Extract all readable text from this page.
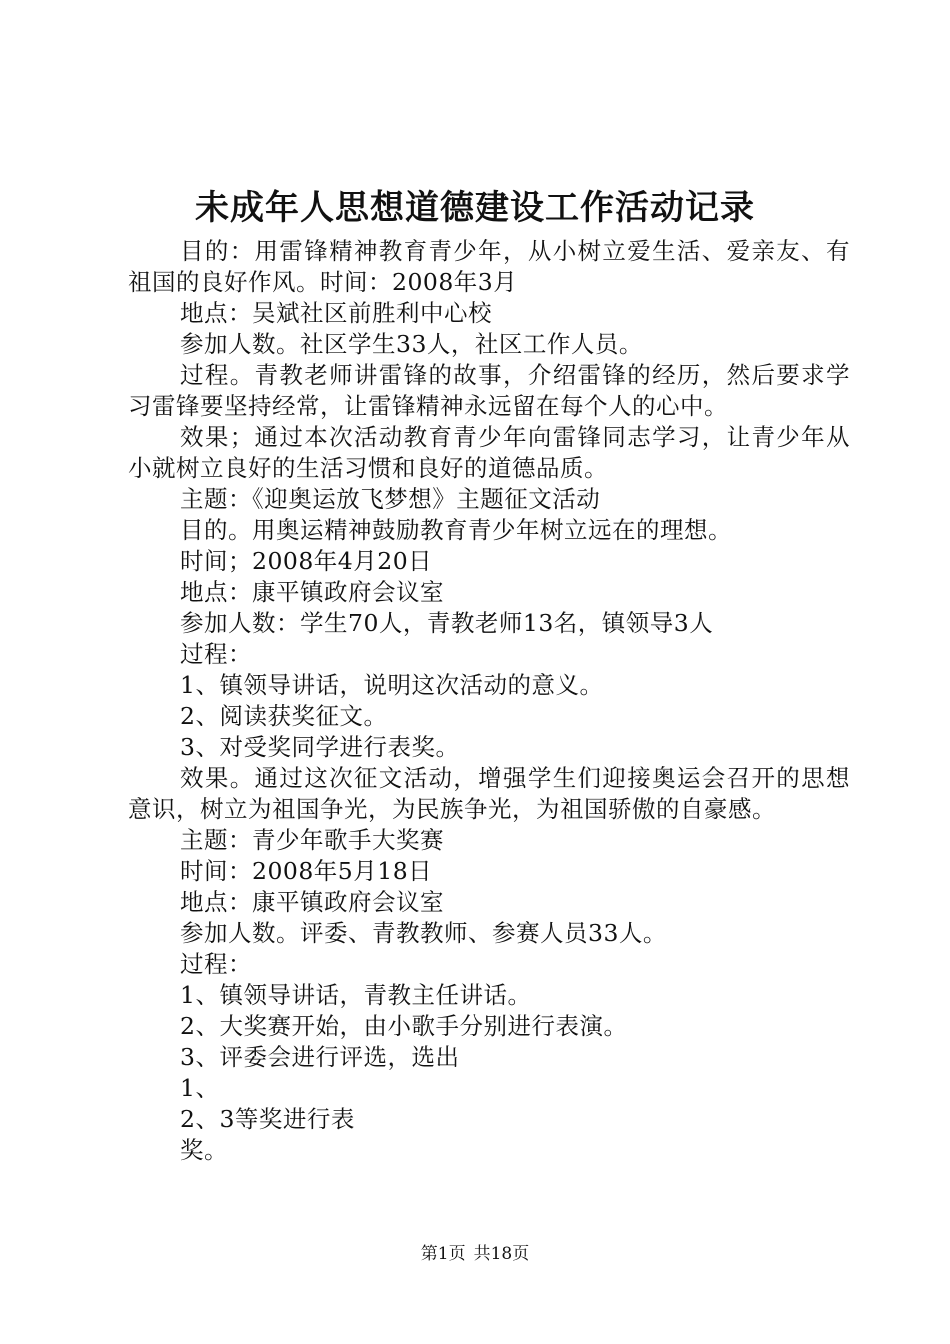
未成年人思想道德建设工作活动记录

目的：用雷锋精神教育青少年，从小树立爱生活、爱亲友、有祖国的良好作风。时间：2008年3月

地点：吴斌社区前胜利中心校

参加人数。社区学生33人，社区工作人员。

过程。青教老师讲雷锋的故事，介绍雷锋的经历，然后要求学习雷锋要坚持经常，让雷锋精神永远留在每个人的心中。

效果；通过本次活动教育青少年向雷锋同志学习，让青少年从小就树立良好的生活习惯和良好的道德品质。

主题：《迎奥运放飞梦想》主题征文活动

目的。用奥运精神鼓励教育青少年树立远在的理想。

时间；2008年4月20日

地点：康平镇政府会议室

参加人数：学生70人，青教老师13名，镇领导3人

过程：

1、镇领导讲话，说明这次活动的意义。

2、阅读获奖征文。

3、对受奖同学进行表奖。

效果。通过这次征文活动，增强学生们迎接奥运会召开的思想意识，树立为祖国争光，为民族争光，为祖国骄傲的自豪感。

主题：青少年歌手大奖赛

时间：2008年5月18日

地点：康平镇政府会议室

参加人数。评委、青教教师、参赛人员33人。

过程：

1、镇领导讲话，青教主任讲话。

2、大奖赛开始，由小歌手分别进行表演。

3、评委会进行评选，选出

1、

2、3等奖进行表

奖。

第1页 共18页
